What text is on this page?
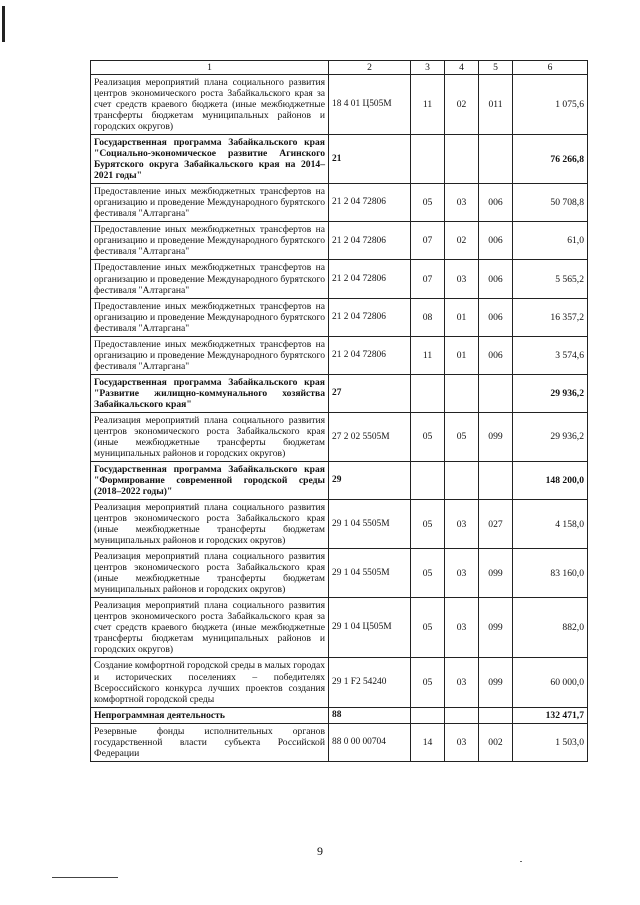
1	2	3	4	5	6
Реализация мероприятий плана социального развития центров экономического роста Забайкальского края за счет средств краевого бюджета (иные межбюджетные трансферты бюджетам муниципальных районов и городских округов)	18 4 01 Ц505М	11	02	011	1 075,6
Государственная программа Забайкальского края "Социально-экономическое развитие Агинского Бурятского округа Забайкальского края на 2014–2021 годы"	21				76 266,8
Предоставление иных межбюджетных трансфертов на организацию и проведение Международного бурятского фестиваля "Алтаргана"	21 2 04 72806	05	03	006	50 708,8
Предоставление иных межбюджетных трансфертов на организацию и проведение Международного бурятского фестиваля "Алтаргана"	21 2 04 72806	07	02	006	61,0
Предоставление иных межбюджетных трансфертов на организацию и проведение Международного бурятского фестиваля "Алтаргана"	21 2 04 72806	07	03	006	5 565,2
Предоставление иных межбюджетных трансфертов на организацию и проведение Международного бурятского фестиваля "Алтаргана"	21 2 04 72806	08	01	006	16 357,2
Предоставление иных межбюджетных трансфертов на организацию и проведение Международного бурятского фестиваля "Алтаргана"	21 2 04 72806	11	01	006	3 574,6
Государственная программа Забайкальского края "Развитие жилищно-коммунального хозяйства Забайкальского края"	27				29 936,2
Реализация мероприятий плана социального развития центров экономического роста Забайкальского края (иные межбюджетные трансферты бюджетам муниципальных районов и городских округов)	27 2 02 5505М	05	05	099	29 936,2
Государственная программа Забайкальского края "Формирование современной городской среды (2018–2022 годы)"	29				148 200,0
Реализация мероприятий плана социального развития центров экономического роста Забайкальского края (иные межбюджетные трансферты бюджетам муниципальных районов и городских округов)	29 1 04 5505М	05	03	027	4 158,0
Реализация мероприятий плана социального развития центров экономического роста Забайкальского края (иные межбюджетные трансферты бюджетам муниципальных районов и городских округов)	29 1 04 5505М	05	03	099	83 160,0
Реализация мероприятий плана социального развития центров экономического роста Забайкальского края за счет средств краевого бюджета (иные межбюджетные трансферты бюджетам муниципальных районов и городских округов)	29 1 04 Ц505М	05	03	099	882,0
Создание комфортной городской среды в малых городах и исторических поселениях – победителях Всероссийского конкурса лучших проектов создания комфортной городской среды	29 1 F2 54240	05	03	099	60 000,0
Непрограммная деятельность	88				132 471,7
Резервные фонды исполнительных органов государственной власти субъекта Российской Федерации	88 0 00 00704	14	03	002	1 503,0
9
